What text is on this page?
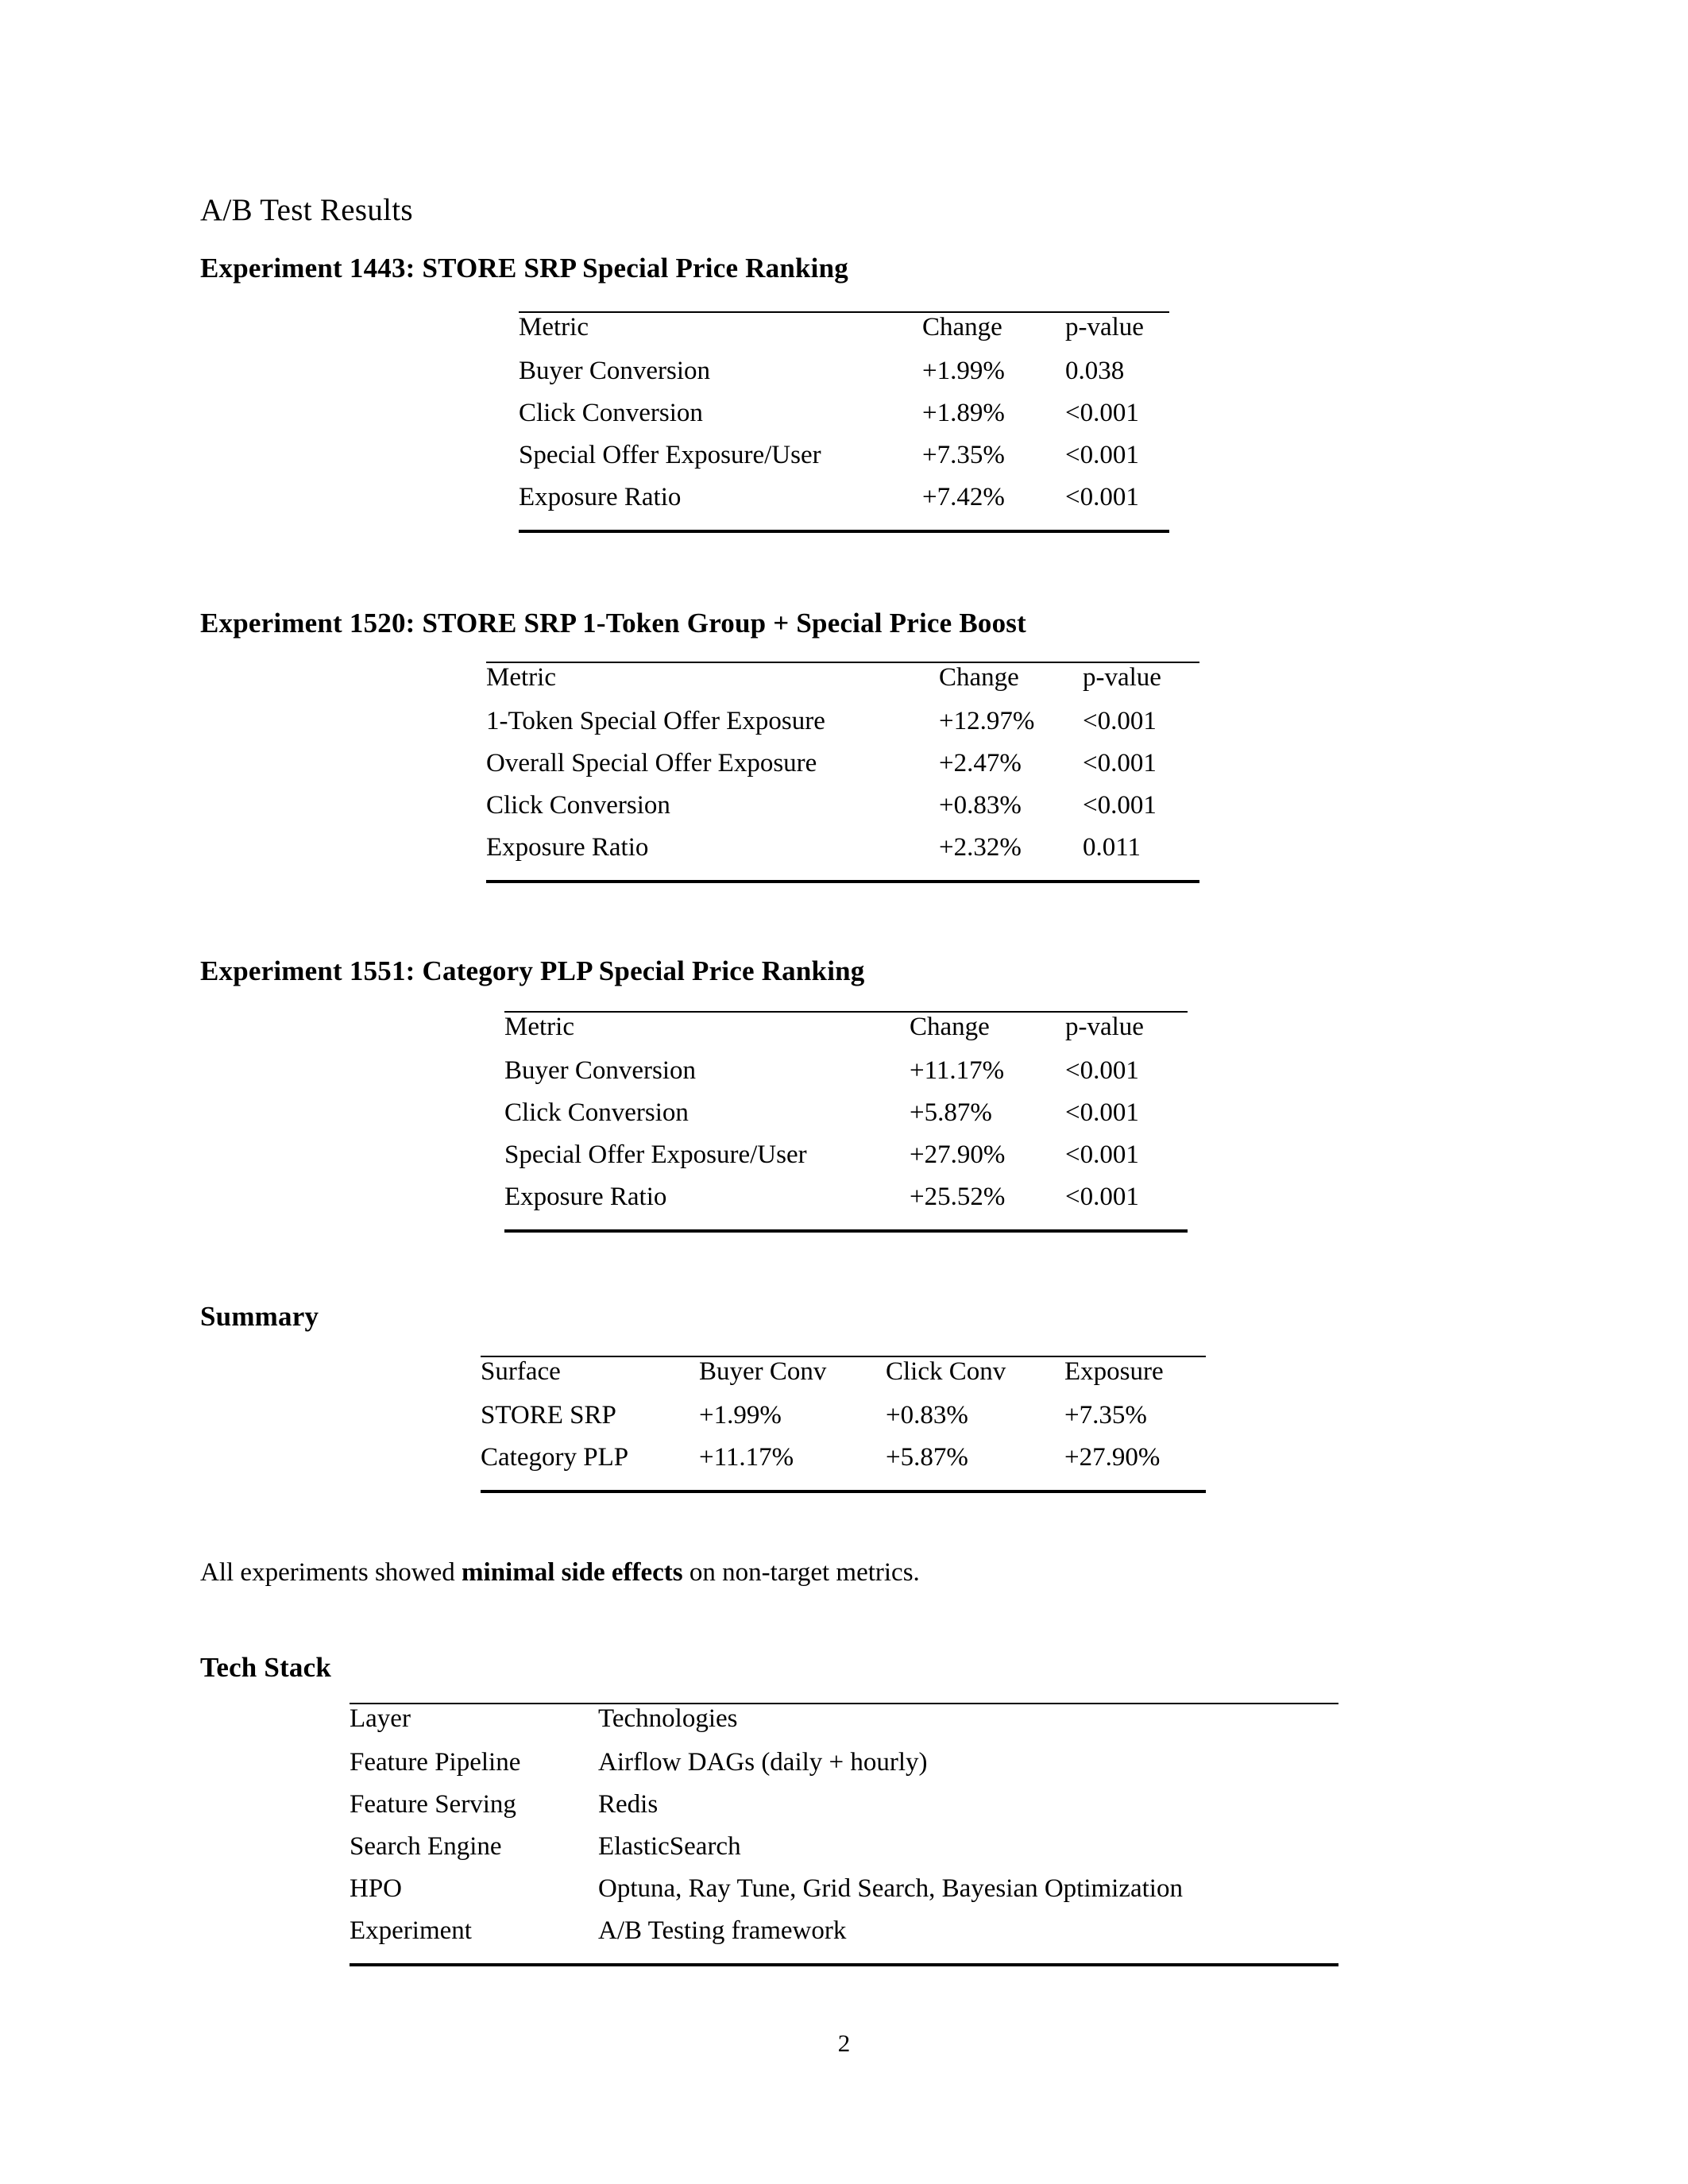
A/B Test Results
Experiment 1443: STORE SRP Special Price Ranking
Metric	Change	p-value
Buyer Conversion	+1.99%	0.038
Click Conversion	+1.89%	<0.001
Special Offer Exposure/User	+7.35%	<0.001
Exposure Ratio	+7.42%	<0.001
Experiment 1520: STORE SRP 1-Token Group + Special Price Boost
Metric	Change	p-value
1-Token Special Offer Exposure	+12.97%	<0.001
Overall Special Offer Exposure	+2.47%	<0.001
Click Conversion	+0.83%	<0.001
Exposure Ratio	+2.32%	0.011
Experiment 1551: Category PLP Special Price Ranking
Metric	Change	p-value
Buyer Conversion	+11.17%	<0.001
Click Conversion	+5.87%	<0.001
Special Offer Exposure/User	+27.90%	<0.001
Exposure Ratio	+25.52%	<0.001
Summary
Surface	Buyer Conv	Click Conv	Exposure
STORE SRP	+1.99%	+0.83%	+7.35%
Category PLP	+11.17%	+5.87%	+27.90%
All experiments showed minimal side effects on non-target metrics.
Tech Stack
Layer	Technologies
Feature Pipeline	Airflow DAGs (daily + hourly)
Feature Serving	Redis
Search Engine	ElasticSearch
HPO	Optuna, Ray Tune, Grid Search, Bayesian Optimization
Experiment	A/B Testing framework
2
